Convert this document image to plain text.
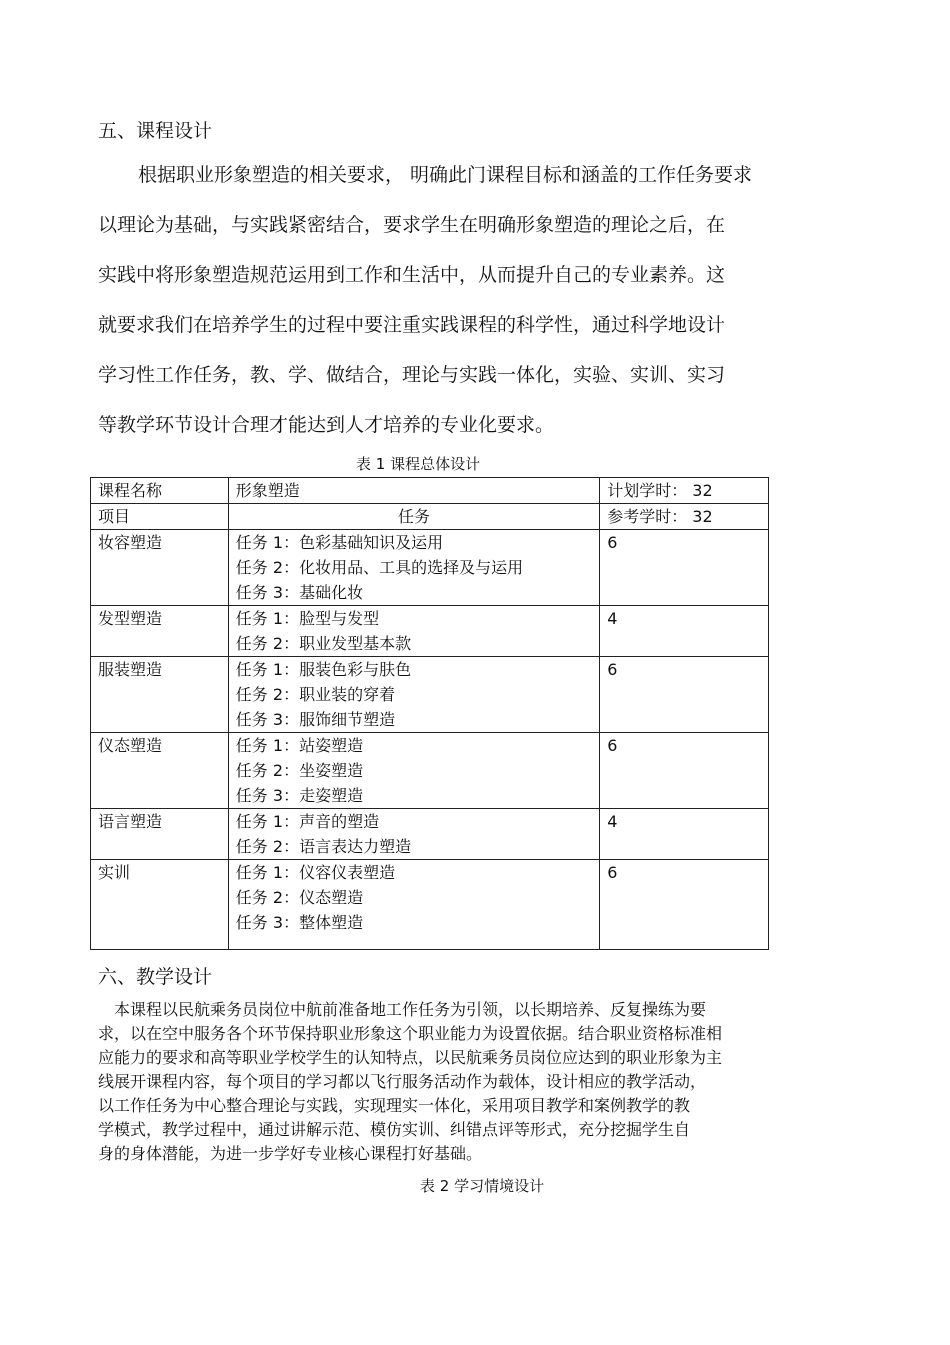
五、课程设计
根据职业形象塑造的相关要求， 明确此门课程目标和涵盖的工作任务要求
以理论为基础，与实践紧密结合，要求学生在明确形象塑造的理论之后，在
实践中将形象塑造规范运用到工作和生活中，从而提升自己的专业素养。这
就要求我们在培养学生的过程中要注重实践课程的科学性，通过科学地设计
学习性工作任务，教、学、做结合，理论与实践一体化，实验、实训、实习
等教学环节设计合理才能达到人才培养的专业化要求。

表 1 课程总体设计

课程名称	形象塑造	计划学时： 32
项目	任务	参考学时： 32
妆容塑造	任务 1：色彩基础知识及运用
任务 2：化妆用品、工具的选择及与运用
任务 3：基础化妆	6
发型塑造	任务 1：脸型与发型
任务 2：职业发型基本款	4
服装塑造	任务 1：服装色彩与肤色
任务 2：职业装的穿着
任务 3：服饰细节塑造	6
仪态塑造	任务 1：站姿塑造
任务 2：坐姿塑造
任务 3：走姿塑造	6
语言塑造	任务 1：声音的塑造
任务 2：语言表达力塑造	4
实训	任务 1：仪容仪表塑造
任务 2：仪态塑造
任务 3：整体塑造	6
六、教学设计
本课程以民航乘务员岗位中航前准备地工作任务为引领，以长期培养、反复操练为要
求，以在空中服务各个环节保持职业形象这个职业能力为设置依据。结合职业资格标准相
应能力的要求和高等职业学校学生的认知特点，以民航乘务员岗位应达到的职业形象为主
线展开课程内容，每个项目的学习都以飞行服务活动作为载体，设计相应的教学活动，
以工作任务为中心整合理论与实践，实现理实一体化，采用项目教学和案例教学的教
学模式，教学过程中，通过讲解示范、模仿实训、纠错点评等形式，充分挖掘学生自
身的身体潜能，为进一步学好专业核心课程打好基础。

表 2 学习情境设计
